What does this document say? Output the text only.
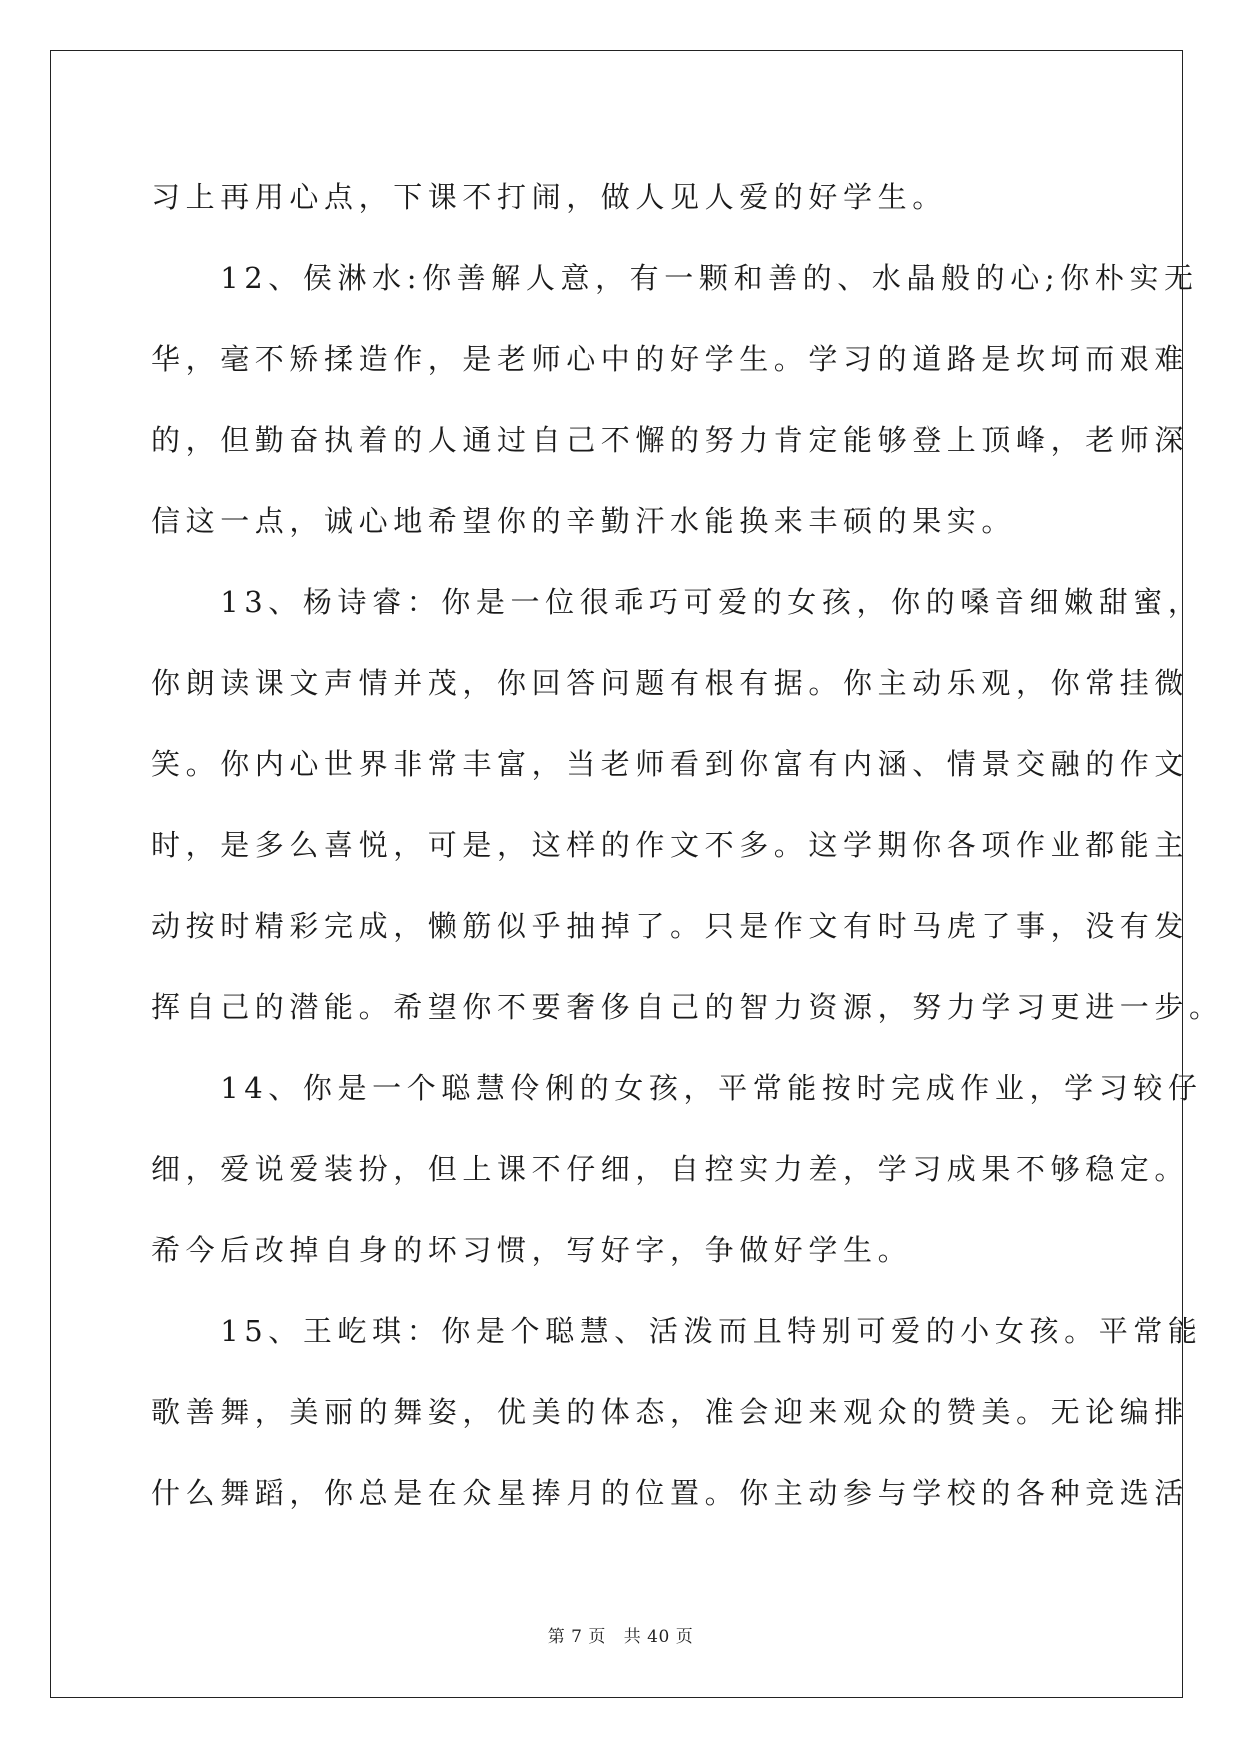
习上再用心点，下课不打闹，做人见人爱的好学生。
　　12、侯淋水:你善解人意，有一颗和善的、水晶般的心;你朴实无
华，毫不矫揉造作，是老师心中的好学生。学习的道路是坎坷而艰难
的，但勤奋执着的人通过自己不懈的努力肯定能够登上顶峰，老师深
信这一点，诚心地希望你的辛勤汗水能换来丰硕的果实。
　　13、杨诗睿：你是一位很乖巧可爱的女孩，你的嗓音细嫩甜蜜，
你朗读课文声情并茂，你回答问题有根有据。你主动乐观，你常挂微
笑。你内心世界非常丰富，当老师看到你富有内涵、情景交融的作文
时，是多么喜悦，可是，这样的作文不多。这学期你各项作业都能主
动按时精彩完成，懒筋似乎抽掉了。只是作文有时马虎了事，没有发
挥自己的潜能。希望你不要奢侈自己的智力资源，努力学习更进一步。
　　14、你是一个聪慧伶俐的女孩，平常能按时完成作业，学习较仔
细，爱说爱装扮，但上课不仔细，自控实力差，学习成果不够稳定。
希今后改掉自身的坏习惯，写好字，争做好学生。
　　15、王屹琪：你是个聪慧、活泼而且特别可爱的小女孩。平常能
歌善舞，美丽的舞姿，优美的体态，准会迎来观众的赞美。无论编排
什么舞蹈，你总是在众星捧月的位置。你主动参与学校的各种竞选活
第 7 页 共 40 页
